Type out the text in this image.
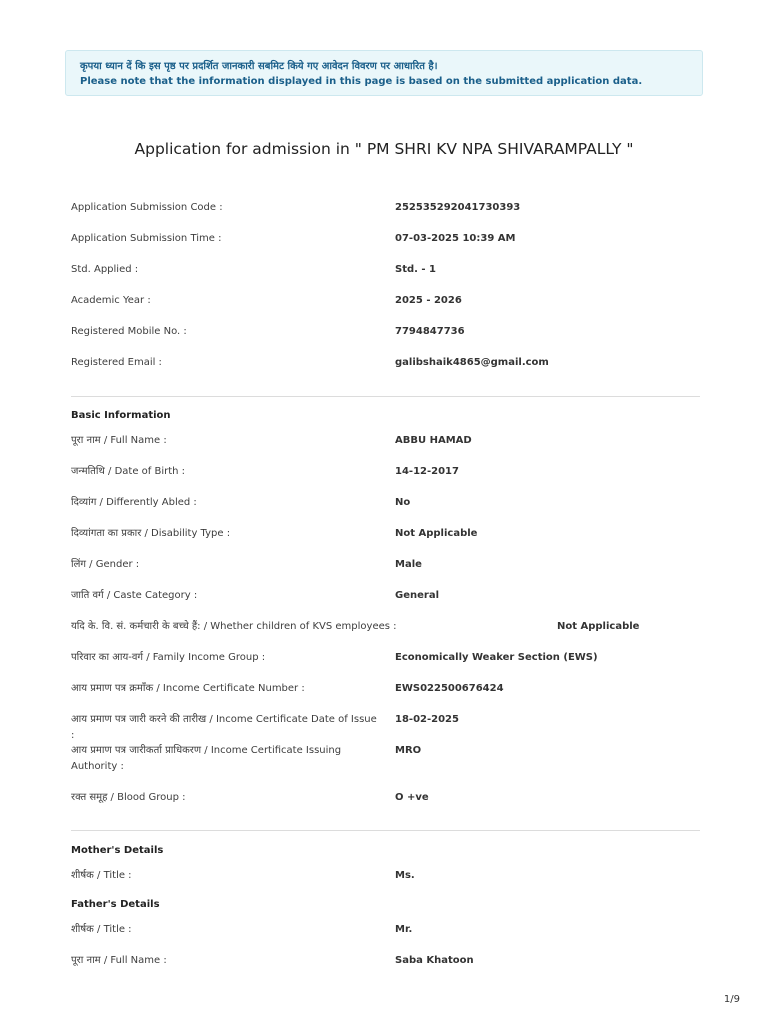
कृपया ध्यान दें कि इस पृष्ठ पर प्रदर्शित जानकारी सबमिट किये गए आवेदन विवरण पर आधारित है।
Please note that the information displayed in this page is based on the submitted application data.
Application for admission in " PM SHRI KV NPA SHIVARAMPALLY "
Application Submission Code :	252535292041730393
Application Submission Time :	07-03-2025 10:39 AM
Std. Applied :	Std. - 1
Academic Year :	2025 - 2026
Registered Mobile No. :	7794847736
Registered Email :	galibshaik4865@gmail.com
Basic Information
पूरा नाम / Full Name :	ABBU HAMAD
जन्मतिथि / Date of Birth :	14-12-2017
दिव्यांग / Differently Abled :	No
दिव्यांगता का प्रकार / Disability Type :	Not Applicable
लिंग / Gender :	Male
जाति वर्ग / Caste Category :	General
यदि के. वि. सं. कर्मचारी के बच्चे हैं: / Whether children of KVS employees :	Not Applicable
परिवार का आय-वर्ग / Family Income Group :	Economically Weaker Section (EWS)
आय प्रमाण पत्र क्रमाँक / Income Certificate Number :	EWS022500676424
आय प्रमाण पत्र जारी करने की तारीख / Income Certificate Date of Issue :
18-02-2025
आय प्रमाण पत्र जारीकर्ता प्राधिकरण / Income Certificate Issuing Authority :
MRO
रक्त समूह / Blood Group :	O +ve
Mother's Details
शीर्षक / Title :	Ms.
Father's Details
शीर्षक / Title :	Mr.
पूरा नाम / Full Name :	Saba Khatoon
1/9
